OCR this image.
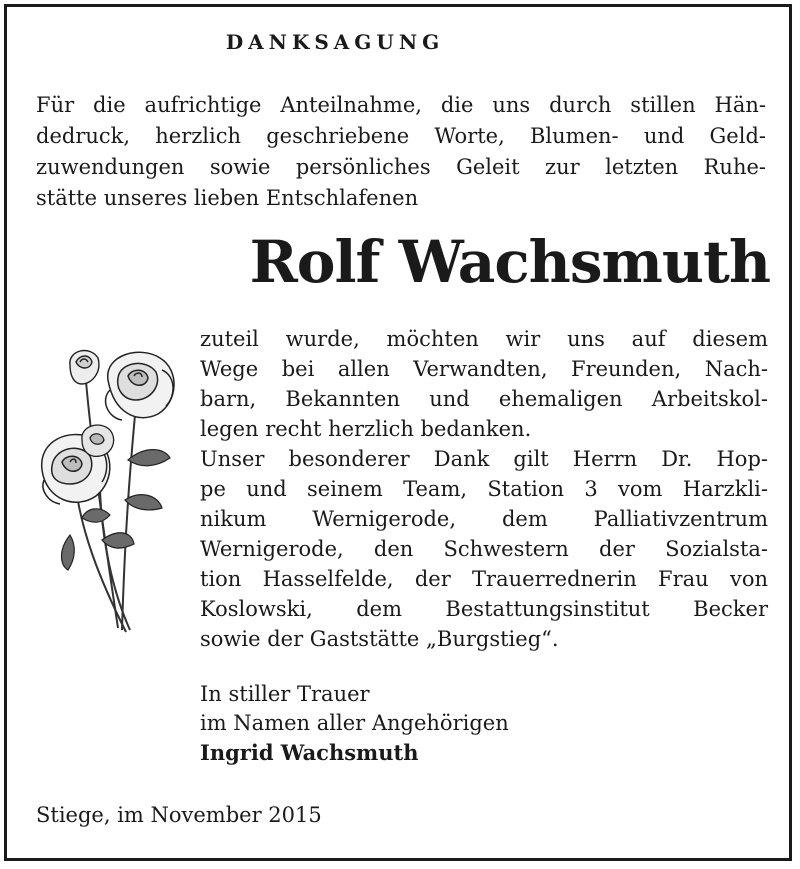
DANKSAGUNG
Für die aufrichtige Anteilnahme, die uns durch stillen Hän-
dedruck, herzlich geschriebene Worte, Blumen- und Geld-
zuwendungen sowie persönliches Geleit zur letzten Ruhe-
stätte unseres lieben Entschlafenen
Rolf Wachsmuth
zuteil wurde, möchten wir uns auf diesem
Wege bei allen Verwandten, Freunden, Nach-
barn, Bekannten und ehemaligen Arbeitskol-
legen recht herzlich bedanken.
Unser besonderer Dank gilt Herrn Dr. Hop-
pe und seinem Team, Station 3 vom Harzkli-
nikum Wernigerode, dem Palliativzentrum
Wernigerode, den Schwestern der Sozialsta-
tion Hasselfelde, der Trauerrednerin Frau von
Koslowski, dem Bestattungsinstitut Becker
sowie der Gaststätte „Burgstieg“.
In stiller Trauer
im Namen aller Angehörigen
Ingrid Wachsmuth
Stiege, im November 2015
